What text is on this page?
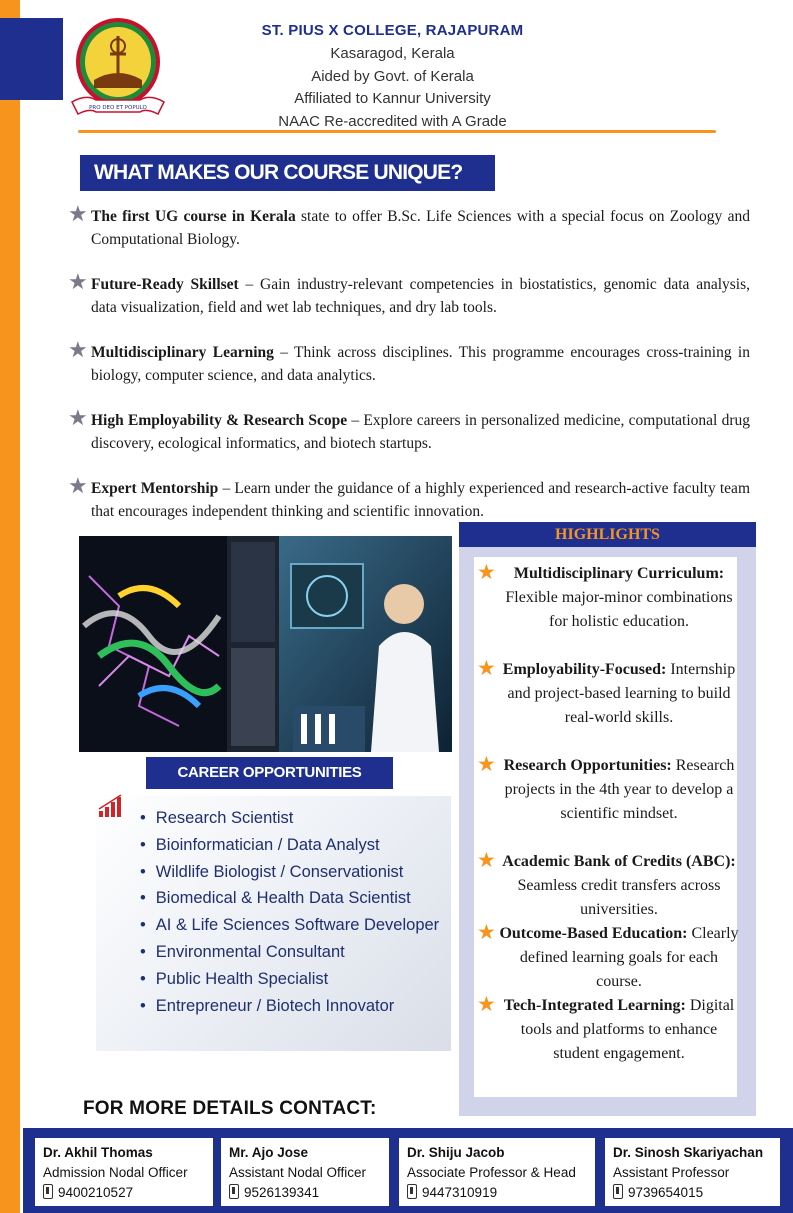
PRO DEO ET POPULO
ST. PIUS X COLLEGE, RAJAPURAM
Kasaragod, Kerala
Aided by Govt. of Kerala
Affiliated to Kannur University
NAAC Re-accredited with A Grade
WHAT MAKES OUR COURSE UNIQUE?
★ The first UG course in Kerala state to offer B.Sc. Life Sciences with a special focus on Zoology and Computational Biology.
★ Future-Ready Skillset – Gain industry-relevant competencies in biostatistics, genomic data analysis, data visualization, field and wet lab techniques, and dry lab tools.
★ Multidisciplinary Learning – Think across disciplines. This programme encourages cross-training in biology, computer science, and data analytics.
★ High Employability & Research Scope – Explore careers in personalized medicine, computational drug discovery, ecological informatics, and biotech startups.
★ Expert Mentorship – Learn under the guidance of a highly experienced and research-active faculty team that encourages independent thinking and scientific innovation.
CAREER OPPORTUNITIES
• Research Scientist
• Bioinformatician / Data Analyst
• Wildlife Biologist / Conservationist
• Biomedical & Health Data Scientist
• AI & Life Sciences Software Developer
• Environmental Consultant
• Public Health Specialist
• Entrepreneur / Biotech Innovator
HIGHLIGHTS
★	Multidisciplinary Curriculum: Flexible major-minor combinations for holistic education.
★ Employability-Focused: Internship and project-based learning to build real-world skills.
★ Research Opportunities: Research projects in the 4th year to develop a scientific mindset.
★ Academic Bank of Credits (ABC): Seamless credit transfers across universities.
★ Outcome-Based Education: Clearly defined learning goals for each course.
★ Tech-Integrated Learning: Digital tools and platforms to enhance student engagement.
FOR MORE DETAILS CONTACT:
Dr. Akhil Thomas
Admission Nodal Officer
9400210527
Mr. Ajo Jose
Assistant Nodal Officer
9526139341
Dr. Shiju Jacob
Associate Professor & Head
9447310919
Dr. Sinosh Skariyachan
Assistant Professor
9739654015
